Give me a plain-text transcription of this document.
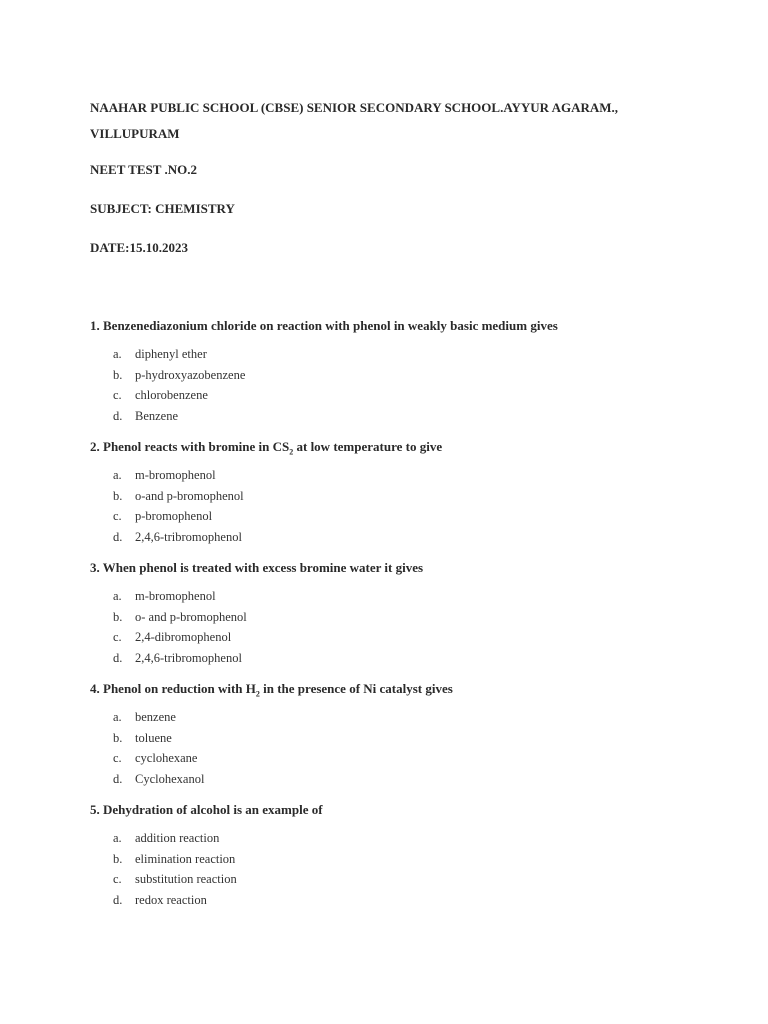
NAAHAR PUBLIC SCHOOL (CBSE) SENIOR SECONDARY SCHOOL.AYYUR AGARAM.,
VILLUPURAM

NEET TEST .NO.2

SUBJECT: CHEMISTRY

DATE:15.10.2023

1. Benzenediazonium chloride on reaction with phenol in weakly basic medium gives

a. diphenyl ether
b. p-hydroxyazobenzene
c. chlorobenzene
d. Benzene

2. Phenol reacts with bromine in $CS_2$ at low temperature to give

a. m-bromophenol
b. o-and p-bromophenol
c. p-bromophenol
d. 2,4,6-tribromophenol

3. When phenol is treated with excess bromine water it gives

a. m-bromophenol
b. o- and p-bromophenol
c. 2,4-dibromophenol
d. 2,4,6-tribromophenol

4. Phenol on reduction with $H_2$ in the presence of Ni catalyst gives

a. benzene
b. toluene
c. cyclohexane
d. Cyclohexanol

5. Dehydration of alcohol is an example of

a. addition reaction
b. elimination reaction
c. substitution reaction
d. redox reaction
